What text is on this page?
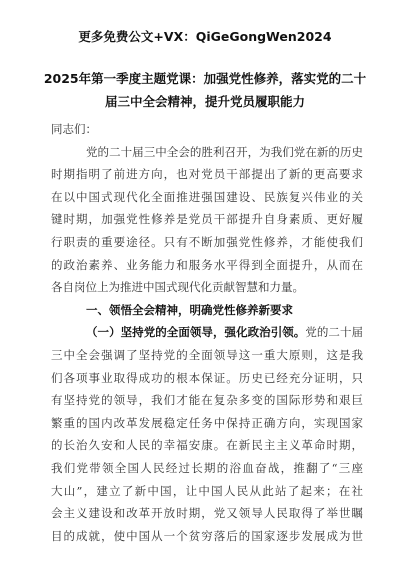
更多免费公文+VX：QiGeGongWen2024
2025年第一季度主题党课：加强党性修养，落实党的二十
届三中全会精神，提升党员履职能力
同志们：
党的二十届三中全会的胜利召开，为我们党在新的历史
时期指明了前进方向，也对党员干部提出了新的更高要求
在以中国式现代化全面推进强国建设、民族复兴伟业的关
键时期，加强党性修养是党员干部提升自身素质、更好履
行职责的重要途径。只有不断加强党性修养，才能使我们
的政治素养、业务能力和服务水平得到全面提升，从而在
各自岗位上为推进中国式现代化贡献智慧和力量。
一、领悟全会精神，明确党性修养新要求
（一）坚持党的全面领导，强化政治引领。党的二十届
三中全会强调了坚持党的全面领导这一重大原则，这是我
们各项事业取得成功的根本保证。历史已经充分证明，只
有坚持党的领导，我们才能在复杂多变的国际形势和艰巨
繁重的国内改革发展稳定任务中保持正确方向，实现国家
的长治久安和人民的幸福安康。在新民主主义革命时期，
我们党带领全国人民经过长期的浴血奋战，推翻了“三座
大山”，建立了新中国，让中国人民从此站了起来；在社
会主义建设和改革开放时期，党又领导人民取得了举世瞩
目的成就，使中国从一个贫穷落后的国家逐步发展成为世
